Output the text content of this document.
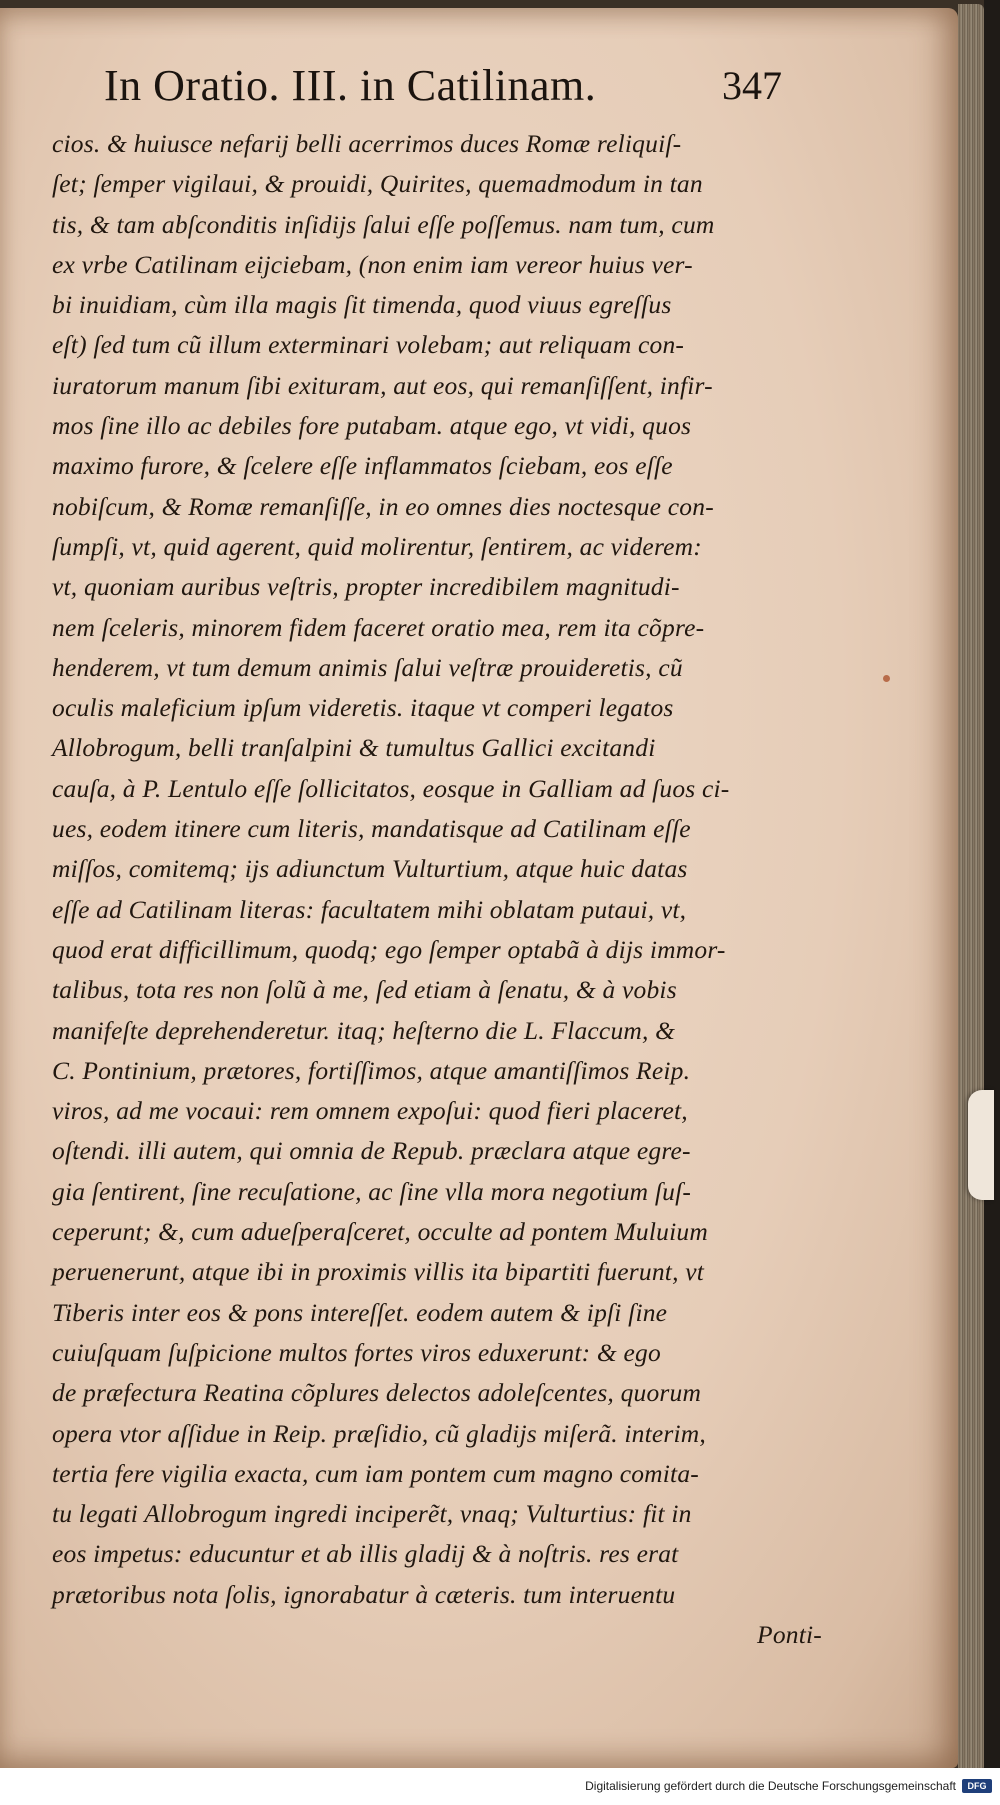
In Oratio. III. in Catilinam.	347
cios. & huiusce nefarij belli acerrimos duces Romæ reliquiſ-
ſet; ſemper vigilaui, & prouidi, Quirites, quemadmodum in tan
tis, & tam abſconditis inſidijs ſalui eſſe poſſemus. nam tum, cum
ex vrbe Catilinam eijciebam, (non enim iam vereor huius ver-
bi inuidiam, cùm illa magis ſit timenda, quod viuus egreſſus
eſt) ſed tum cũ illum exterminari volebam; aut reliquam con-
iuratorum manum ſibi exituram, aut eos, qui remanſiſſent, infir-
mos ſine illo ac debiles fore putabam. atque ego, vt vidi, quos
maximo furore, & ſcelere eſſe inflammatos ſciebam, eos eſſe
nobiſcum, & Romæ remanſiſſe, in eo omnes dies noctesque con-
ſumpſi, vt, quid agerent, quid molirentur, ſentirem, ac viderem:
vt, quoniam auribus veſtris, propter incredibilem magnitudi-
nem ſceleris, minorem fidem faceret oratio mea, rem ita cõpre-
henderem, vt tum demum animis ſalui veſtræ prouideretis, cũ
oculis maleficium ipſum videretis. itaque vt comperi legatos
Allobrogum, belli tranſalpini & tumultus Gallici excitandi
cauſa, à P. Lentulo eſſe ſollicitatos, eosque in Galliam ad ſuos ci-
ues, eodem itinere cum literis, mandatisque ad Catilinam eſſe
miſſos, comitemq; ijs adiunctum Vulturtium, atque huic datas
eſſe ad Catilinam literas: facultatem mihi oblatam putaui, vt,
quod erat difficillimum, quodq; ego ſemper optabã à dijs immor-
talibus, tota res non ſolũ à me, ſed etiam à ſenatu, & à vobis
manifeſte deprehenderetur. itaq; heſterno die L. Flaccum, &
C. Pontinium, prætores, fortiſſimos, atque amantiſſimos Reip.
viros, ad me vocaui: rem omnem expoſui: quod fieri placeret,
oſtendi. illi autem, qui omnia de Repub. præclara atque egre-
gia ſentirent, ſine recuſatione, ac ſine vlla mora negotium ſuſ-
ceperunt; &, cum adueſperaſceret, occulte ad pontem Muluium
peruenerunt, atque ibi in proximis villis ita bipartiti fuerunt, vt
Tiberis inter eos & pons intereſſet. eodem autem & ipſi ſine
cuiuſquam ſuſpicione multos fortes viros eduxerunt: & ego
de præfectura Reatina cõplures delectos adoleſcentes, quorum
opera vtor aſſidue in Reip. præſidio, cũ gladijs miſerã. interim,
tertia fere vigilia exacta, cum iam pontem cum magno comita-
tu legati Allobrogum ingredi inciperẽt, vnaq; Vulturtius: fit in
eos impetus: educuntur et ab illis gladij & à noſtris. res erat
prætoribus nota ſolis, ignorabatur à cæteris. tum interuentu
Ponti-
Digitalisierung gefördert durch die Deutsche Forschungsgemeinschaft	DFG
